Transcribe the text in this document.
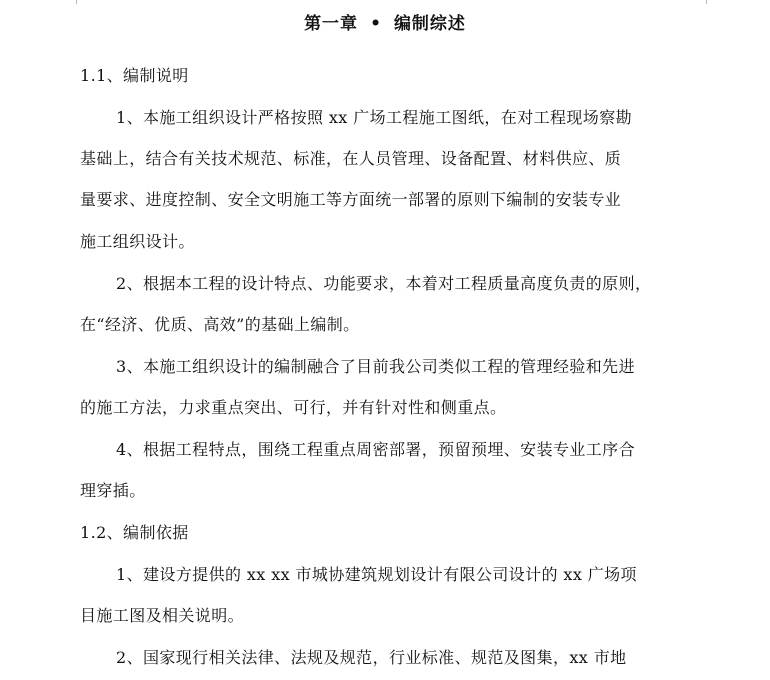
第一章 • 编制综述
1.1、编制说明
1、本施工组织设计严格按照 xx 广场工程施工图纸，在对工程现场察勘
基础上，结合有关技术规范、标准，在人员管理、设备配置、材料供应、质
量要求、进度控制、安全文明施工等方面统一部署的原则下编制的安装专业
施工组织设计。
2、根据本工程的设计特点、功能要求，本着对工程质量高度负责的原则，
在“经济、优质、高效”的基础上编制。
3、本施工组织设计的编制融合了目前我公司类似工程的管理经验和先进
的施工方法，力求重点突出、可行，并有针对性和侧重点。
4、根据工程特点，围绕工程重点周密部署，预留预埋、安装专业工序合
理穿插。
1.2、编制依据
1、建设方提供的 xx xx 市城协建筑规划设计有限公司设计的 xx 广场项
目施工图及相关说明。
2、国家现行相关法律、法规及规范，行业标准、规范及图集，xx 市地
